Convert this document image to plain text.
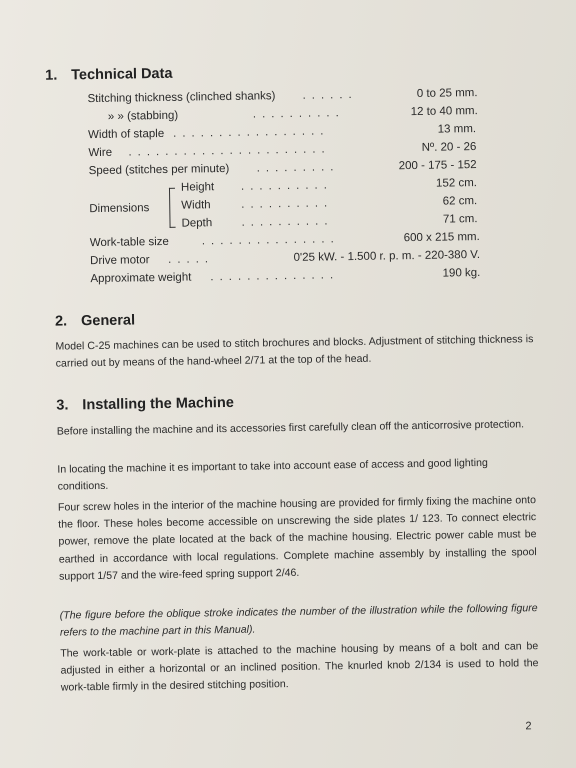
1. Technical Data
Stitching thickness (clinched shanks) ......	0 to 25 mm.
» » (stabbing)	..........	12 to 40 mm.
Width of staple .................	13 mm.
Wire ......................	Nº. 20 - 26
Speed (stitches per minute) .........	200 - 175 - 152
Dimensions
Height ..........	152 cm.
Width	..........	62 cm.
Depth	..........	71 cm.
Work-table size	...............	600 x 215 mm.
Drive motor .....	0'25 kW. - 1.500 r. p. m. - 220-380 V.
Approximate weight ..............	190 kg.
2. General

Model C-25 machines can be used to stitch brochures and blocks. Adjustment of stitching thickness is carried out by means of the hand-wheel 2/71 at the top of the head.

3. Installing the Machine

Before installing the machine and its accessories first carefully clean off the anticorrosive protection.

In locating the machine it es important to take into account ease of access and good lighting conditions.

Four screw holes in the interior of the machine housing are provided for firmly fixing the machine onto the floor. These holes become accessible on unscrewing the side plates 1/ 123. To connect electric power, remove the plate located at the back of the machine housing. Electric power cable must be earthed in accordance with local regulations. Complete machine assembly by installing the spool support 1/57 and the wire-feed spring support 2/46.

(The figure before the oblique stroke indicates the number of the illustration while the following figure refers to the machine part in this Manual).

The work-table or work-plate is attached to the machine housing by means of a bolt and can be adjusted in either a horizontal or an inclined position. The knurled knob 2/134 is used to hold the work-table firmly in the desired stitching position.

2
